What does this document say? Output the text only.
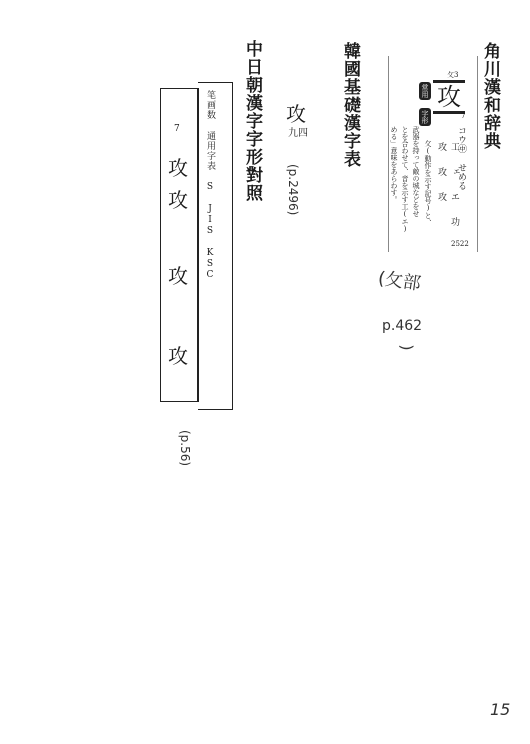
角川漢和辞典
攵3
攻
7
コウ㊥ せめる
常用
字形
工 ェ エ 功 攻 攻 攻
攵(動作を示す記号)と、
武器を持って敵の城などをせ
とを合わせて、音を示す工(エ)
める」意味をあらわす。
2522
(攵部
p.462
)
韓國基礎漢字表
攻
九四
(p.2496)
中日朝漢字字形對照
笔画数 通用字表 S JIS KSC
7
攻
攻
攻
攻
(p.56)
15
